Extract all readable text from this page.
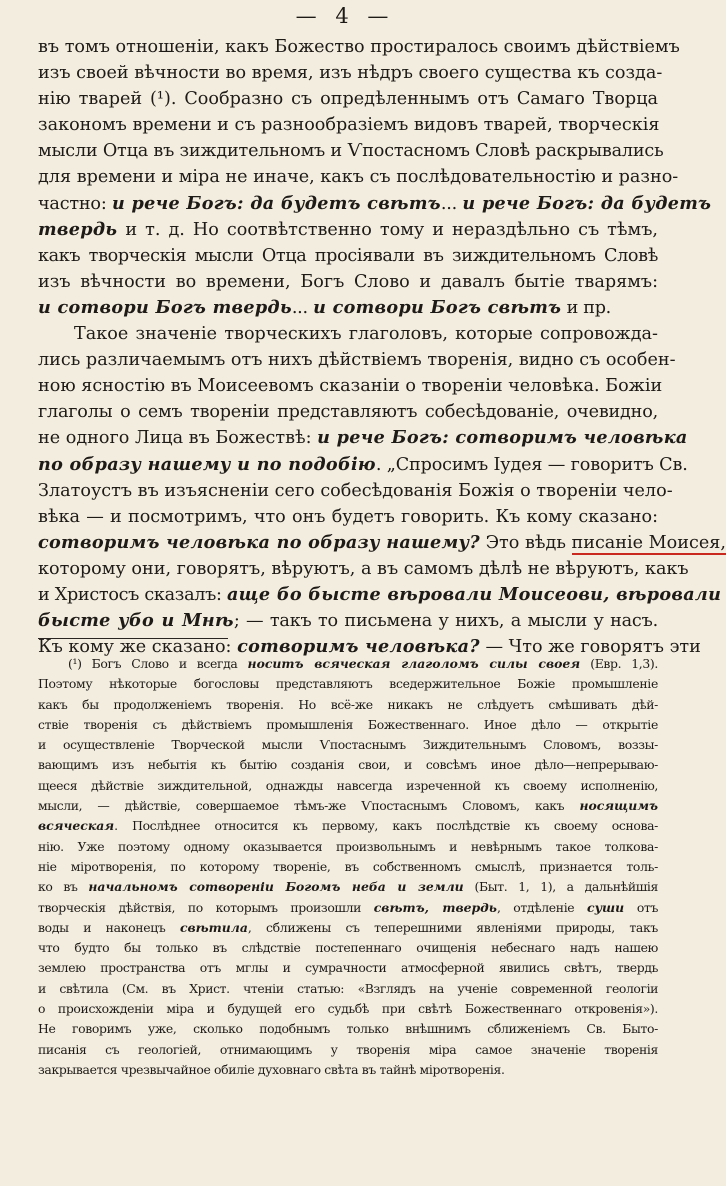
— 4 —
въ томъ отношеніи, какъ Божество простиралось своимъ дѣйствіемъ
изъ своей вѣчности во время, изъ нѣдръ своего существа къ созда-
нію тварей (¹). Сообразно съ опредѣленнымъ отъ Самаго Творца
закономъ времени и съ разнообразіемъ видовъ тварей, творческія
мысли Отца въ зиждительномъ и Ѵпостасномъ Словѣ раскрывались
для времени и міра не иначе, какъ съ послѣдовательностію и разно-
частно: и рече Богъ: да будетъ свѣтъ... и рече Богъ: да будетъ
твердь и т. д. Но соотвѣтственно тому и нераздѣльно съ тѣмъ,
какъ творческія мысли Отца просіявали въ зиждительномъ Словѣ
изъ вѣчности во времени, Богъ Слово и давалъ бытіе тварямъ:
и сотвори Богъ твердь... и сотвори Богъ свѣтъ и пр.
Такое значеніе творческихъ глаголовъ, которые сопровожда-
лись различаемымъ отъ нихъ дѣйствіемъ творенія, видно съ особен-
ною ясностію въ Моисеевомъ сказаніи о твореніи человѣка. Божіи
глаголы о семъ твореніи представляютъ собесѣдованіе, очевидно,
не одного Лица въ Божествѣ: и рече Богъ: сотворимъ человѣка
по образу нашему и по подобію. „Спросимъ Іудея — говоритъ Св.
Златоустъ въ изъясненіи сего собесѣдованія Божія о твореніи чело-
вѣка — и посмотримъ, что онъ будетъ говорить. Къ кому сказано:
сотворимъ человѣка по образу нашему? Это вѣдь писаніе Моисея,
которому они, говорятъ, вѣруютъ, а въ самомъ дѣлѣ не вѣруютъ, какъ
и Христосъ сказалъ: аще бо бысте вѣровали Моисеови, вѣровали
бысте убо и Мнѣ; — такъ то письмена у нихъ, а мысли у насъ.
Къ кому же сказано: сотворимъ человѣка? — Что же говорятъ эти
(¹) Богъ Слово и всегда носитъ всяческая глаголомъ силы своея (Евр. 1,3).
Поэтому нѣкоторые богословы представляютъ вседержительное Божіе промышленіе
какъ бы продолженіемъ творенія. Но всё-же никакъ не слѣдуетъ смѣшивать дѣй-
ствіе творенія съ дѣйствіемъ промышленія Божественнаго. Иное дѣло — открытіе
и осуществленіе Творческой мысли Ѵпостаснымъ Зиждительнымъ Словомъ, воззы-
вающимъ изъ небытія къ бытію созданія свои, и совсѣмъ иное дѣло—непрерываю-
щееся дѣйствіе зиждительной, однажды навсегда изреченной къ своему исполненію,
мысли, — дѣйствіе, совершаемое тѣмъ-же Ѵпостаснымъ Словомъ, какъ носящимъ
всяческая. Послѣднее относится къ первому, какъ послѣдствіе къ своему основа-
нію. Уже поэтому одному оказывается произвольнымъ и невѣрнымъ такое толкова-
ніе міротворенія, по которому твореніе, въ собственномъ смыслѣ, признается толь-
ко въ начальномъ сотвореніи Богомъ неба и земли (Быт. 1, 1), а дальнѣйшія
творческія дѣйствія, по которымъ произошли свѣтъ, твердь, отдѣленіе суши отъ
воды и наконецъ свѣтила, сближены съ теперешними явленіями природы, такъ
что будто бы только въ слѣдствіе постепеннаго очищенія небеснаго надъ нашею
землею пространства отъ мглы и сумрачности атмосферной явились свѣтъ, твердь
и свѣтила (См. въ Христ. чтеніи статью: «Взглядъ на ученіе современной геологіи
о происхожденіи міра и будущей его судьбѣ при свѣтѣ Божественнаго откровенія»).
Не говоримъ уже, сколько подобнымъ только внѣшнимъ сближеніемъ Св. Быто-
писанія съ геологіей, отнимающимъ у творенія міра самое значеніе творенія
закрывается чрезвычайное обиліе духовнаго свѣта въ тайнѣ міротворенія.
